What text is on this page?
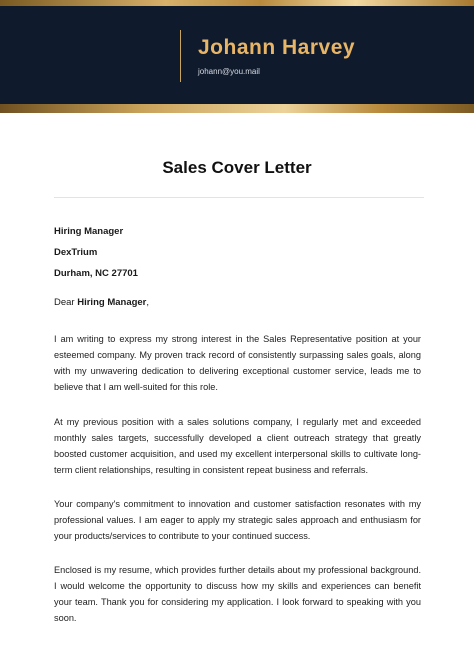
Johann Harvey
johann@you.mail
Sales Cover Letter
Hiring Manager
DexTrium
Durham, NC 27701
Dear Hiring Manager,
I am writing to express my strong interest in the Sales Representative position at your esteemed company. My proven track record of consistently surpassing sales goals, along with my unwavering dedication to delivering exceptional customer service, leads me to believe that I am well-suited for this role.
At my previous position with a sales solutions company, I regularly met and exceeded monthly sales targets, successfully developed a client outreach strategy that greatly boosted customer acquisition, and used my excellent interpersonal skills to cultivate long-term client relationships, resulting in consistent repeat business and referrals.
Your company's commitment to innovation and customer satisfaction resonates with my professional values. I am eager to apply my strategic sales approach and enthusiasm for your products/services to contribute to your continued success.
Enclosed is my resume, which provides further details about my professional background. I would welcome the opportunity to discuss how my skills and experiences can benefit your team. Thank you for considering my application. I look forward to speaking with you soon.
